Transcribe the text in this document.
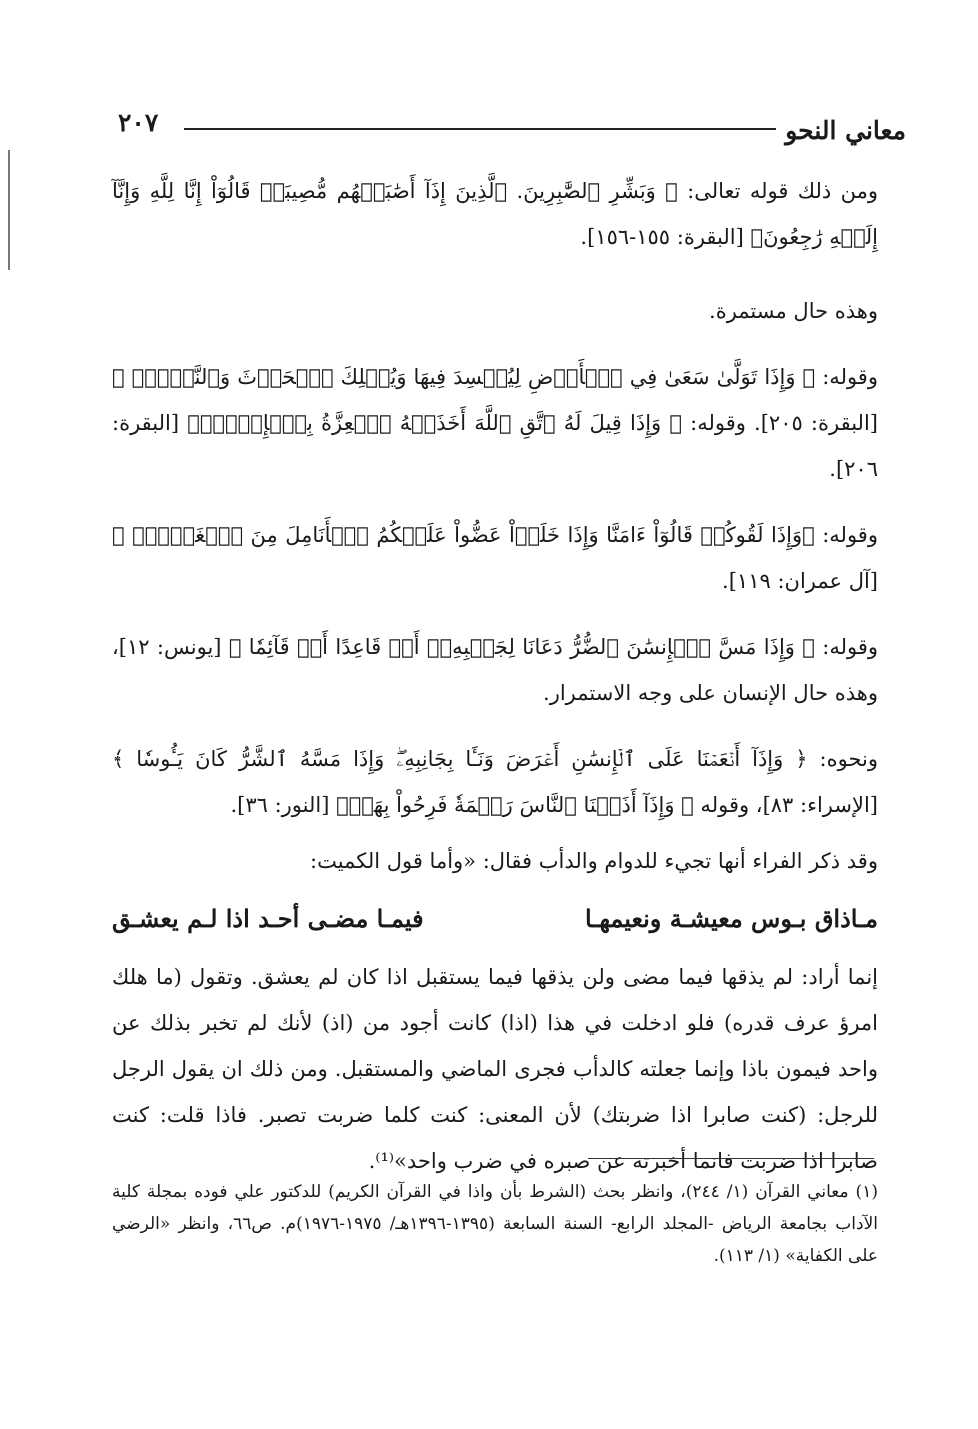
معاني النحو
٢٠٧

ومن ذلك قوله تعالى: ﴿ وَبَشِّرِ ٱلصَّٰبِرِينَ. ٱلَّذِينَ إِذَآ أَصَٰبَتۡهُم مُّصِيبَةٞ قَالُوٓاْ إِنَّا لِلَّهِ وَإِنَّآ إِلَيۡهِ رَٰجِعُونَ﴾ [البقرة: ١٥٥-١٥٦].

وهذه حال مستمرة.

وقوله: ﴿ وَإِذَا تَوَلَّىٰ سَعَىٰ فِي ٱلۡأَرۡضِ لِيُفۡسِدَ فِيهَا وَيُهۡلِكَ ٱلۡحَرۡثَ وَٱلنَّسۡلَۚ ﴾ [البقرة: ٢٠٥]. وقوله: ﴿ وَإِذَا قِيلَ لَهُ ٱتَّقِ ٱللَّهَ أَخَذَتۡهُ ٱلۡعِزَّةُ بِٱلۡإِثۡمِۚ﴾ [البقرة: ٢٠٦].

وقوله: ﴿وَإِذَا لَقُوكُمۡ قَالُوٓاْ ءَامَنَّا وَإِذَا خَلَوۡاْ عَضُّواْ عَلَيۡكُمُ ٱلۡأَنَامِلَ مِنَ ٱلۡغَيۡظِۚ ﴾ [آل عمران: ١١٩].

وقوله: ﴿ وَإِذَا مَسَّ ٱلۡإِنسَٰنَ ٱلضُّرُّ دَعَانَا لِجَنۢبِهِۦٓ أَوۡ قَاعِدًا أَوۡ قَآئِمٗا ﴾ [يونس: ١٢]، وهذه حال الإنسان على وجه الاستمرار.

ونحوه: ﴿ وَإِذَآ أَنۡعَمۡنَا عَلَى ٱلۡإِنسَٰنِ أَعۡرَضَ وَنَـَٔا بِجَانِبِهِۦۖ وَإِذَا مَسَّهُ ٱلشَّرُّ كَانَ يَـُٔوسٗا ﴾ [الإسراء: ٨٣]، وقوله ﴿ وَإِذَآ أَذَقۡنَا ٱلنَّاسَ رَحۡمَةٗ فَرِحُواْ بِهَاۖ﴾ [النور: ٣٦].

وقد ذكر الفراء أنها تجيء للدوام والدأب فقال: «وأما قول الكميت:

مـاذاق بـوس معيشـة ونعيمهـا
فيمـا مضـى أحـد اذا لـم يعشـق

إنما أراد: لم يذقها فيما مضى ولن يذقها فيما يستقبل اذا كان لم يعشق. وتقول (ما هلك امرؤ عرف قدره) فلو ادخلت في هذا (اذا) كانت أجود من (اذ) لأنك لم تخبر بذلك عن واحد فيمون باذا وإنما جعلته كالدأب فجرى الماضي والمستقبل. ومن ذلك ان يقول الرجل للرجل: (كنت صابرا اذا ضربتك) لأن المعنى: كنت كلما ضربت تصبر. فاذا قلت: كنت صابرا اذا ضربت فانما أخبرته عن صبره في ضرب واحد»⁽¹⁾.

(١) معاني القرآن (١/ ٢٤٤)، وانظر بحث (الشرط بأن واذا في القرآن الكريم) للدكتور علي فوده بمجلة كلية الآداب بجامعة الرياض -المجلد الرابع- السنة السابعة (١٣٩٥-١٣٩٦هـ/ ١٩٧٥-١٩٧٦)م. ص٦٦، وانظر «الرضي على الكفاية» (١/ ١١٣).
